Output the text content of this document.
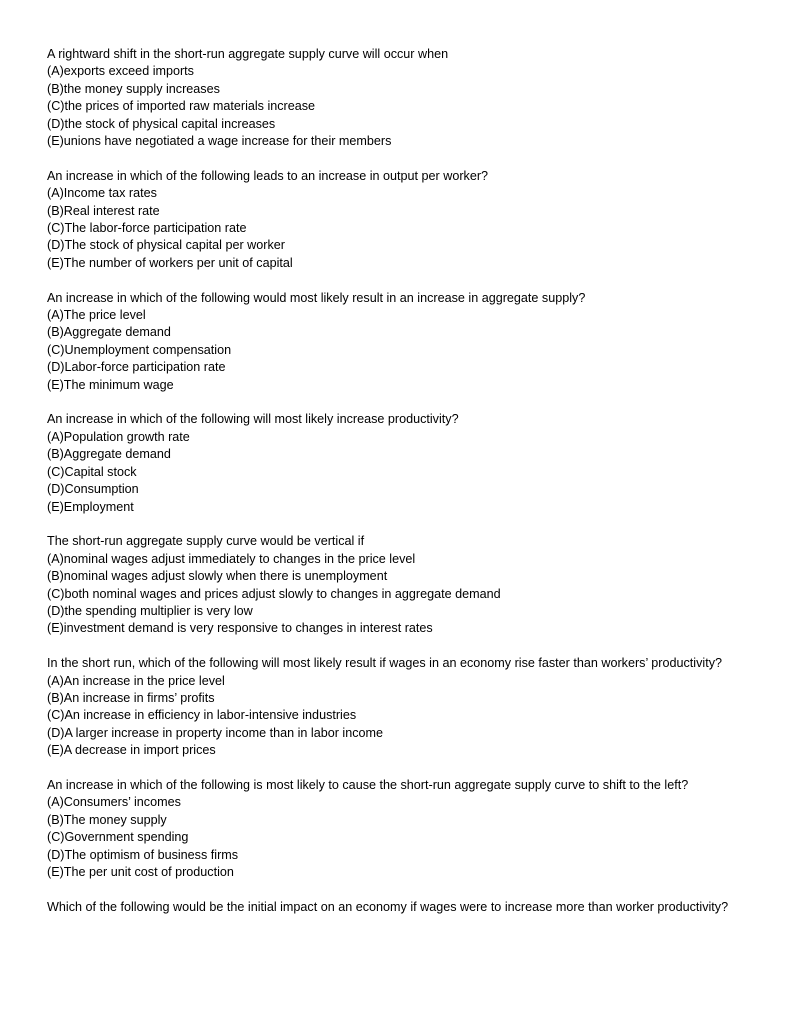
A rightward shift in the short-run aggregate supply curve will occur when

(A)exports exceed imports
(B)the money supply increases
(C)the prices of imported raw materials increase
(D)the stock of physical capital increases
(E)unions have negotiated a wage increase for their members

An increase in which of the following leads to an increase in output per worker?

(A)Income tax rates
(B)Real interest rate
(C)The labor-force participation rate
(D)The stock of physical capital per worker
(E)The number of workers per unit of capital

An increase in which of the following would most likely result in an increase in aggregate supply?

(A)The price level
(B)Aggregate demand
(C)Unemployment compensation
(D)Labor-force participation rate
(E)The minimum wage

An increase in which of the following will most likely increase productivity?

(A)Population growth rate
(B)Aggregate demand
(C)Capital stock
(D)Consumption
(E)Employment

The short-run aggregate supply curve would be vertical if

(A)nominal wages adjust immediately to changes in the price level
(B)nominal wages adjust slowly when there is unemployment
(C)both nominal wages and prices adjust slowly to changes in aggregate demand
(D)the spending multiplier is very low
(E)investment demand is very responsive to changes in interest rates

In the short run, which of the following will most likely result if wages in an economy rise faster than workers’ productivity?

(A)An increase in the price level
(B)An increase in firms’ profits
(C)An increase in efficiency in labor-intensive industries
(D)A larger increase in property income than in labor income
(E)A decrease in import prices

An increase in which of the following is most likely to cause the short-run aggregate supply curve to shift to the left?

(A)Consumers’ incomes
(B)The money supply
(C)Government spending
(D)The optimism of business firms
(E)The per unit cost of production

Which of the following would be the initial impact on an economy if wages were to increase more than worker productivity?
